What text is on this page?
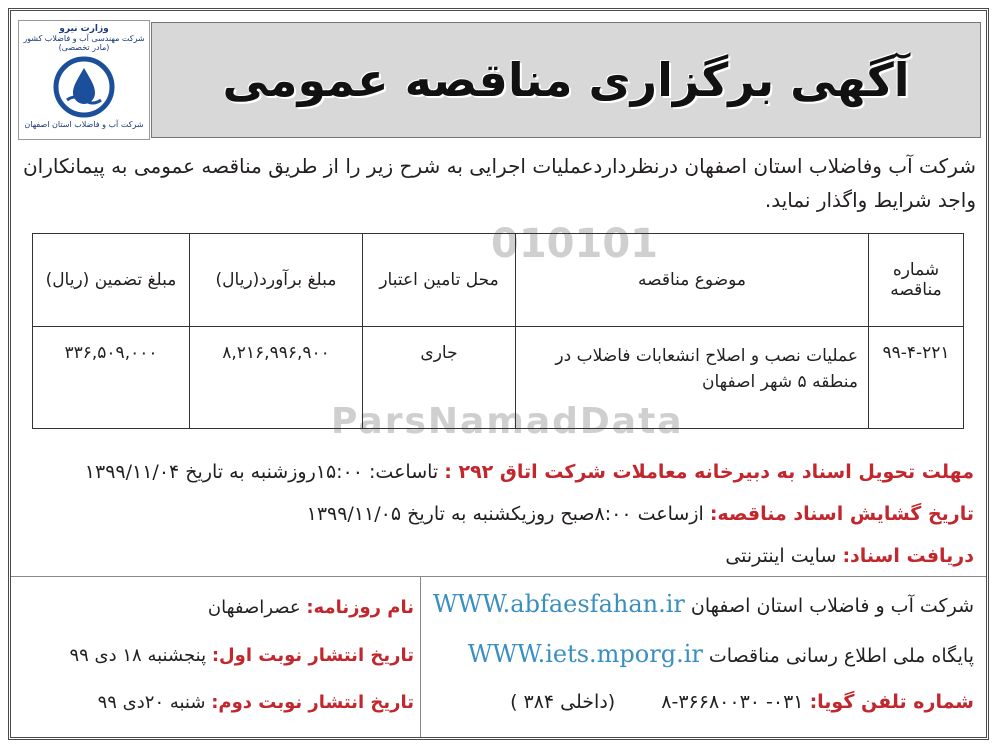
آگهی برگزاری مناقصه عمومی
وزارت نیرو
شرکت مهندسی آب و فاضلاب کشور
(مادر تخصصی)
شرکت آب و فاضلاب استان اصفهان
شرکت آب وفاضلاب استان اصفهان درنظرداردعملیات اجرایی به شرح زیر را از طریق مناقصه عمومی به پیمانکاران واجد شرایط واگذار نماید.
010101
ParsNamadData
شماره مناقصه	موضوع مناقصه	محل تامین اعتبار	مبلغ برآورد(ریال)	مبلغ تضمین (ریال)
۹۹-۴-۲۲۱	عملیات نصب و اصلاح انشعابات فاضلاب در منطقه ۵ شهر اصفهان	جاری	۸,۲۱۶,۹۹۶,۹۰۰	۳۳۶,۵۰۹,۰۰۰
مهلت تحویل اسناد به دبیرخانه معاملات شرکت اتاق ۲۹۲ : تاساعت: ۱۵:۰۰روزشنبه به تاریخ ۱۳۹۹/۱۱/۰۴
تاریخ گشایش اسناد مناقصه: ازساعت ۸:۰۰صبح روزیکشنبه به تاریخ ۱۳۹۹/۱۱/۰۵
دریافت اسناد: سایت اینترنتی
شرکت آب و فاضلاب استان اصفهان WWW.abfaesfahan.ir
پایگاه ملی اطلاع رسانی مناقصات WWW.iets.mporg.ir
شماره تلفن گویا: ۰۳۱- ۳۶۶۸۰۰۳۰-۸ (داخلی ۳۸۴ )
نام روزنامه: عصراصفهان
تاریخ انتشار نوبت اول: پنجشنبه ۱۸ دی ۹۹
تاریخ انتشار نوبت دوم: شنبه ۲۰دی ۹۹
